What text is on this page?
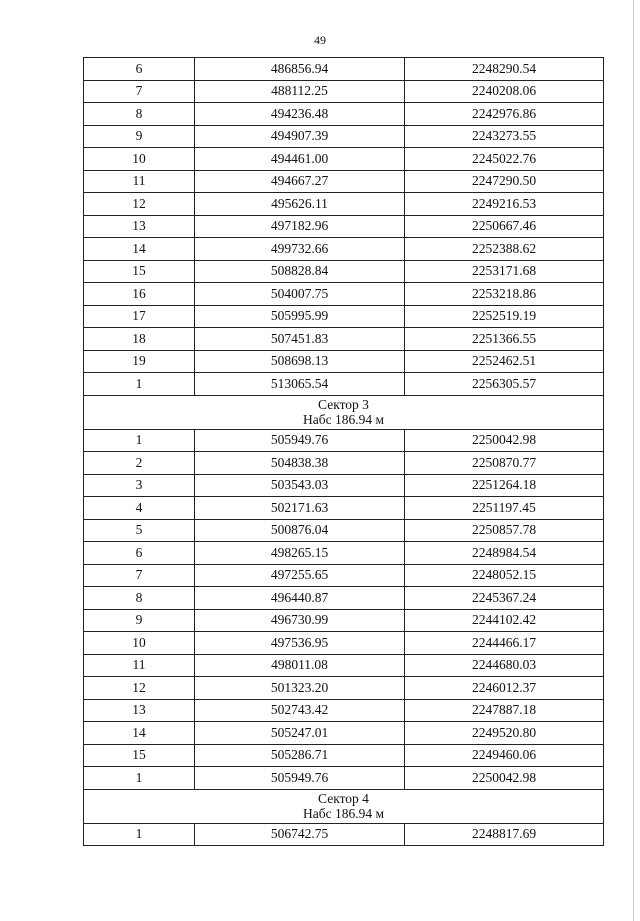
49
6	486856.94	2248290.54
7	488112.25	2240208.06
8	494236.48	2242976.86
9	494907.39	2243273.55
10	494461.00	2245022.76
11	494667.27	2247290.50
12	495626.11	2249216.53
13	497182.96	2250667.46
14	499732.66	2252388.62
15	508828.84	2253171.68
16	504007.75	2253218.86
17	505995.99	2252519.19
18	507451.83	2251366.55
19	508698.13	2252462.51
1	513065.54	2256305.57

Сектор 3
Набс 186.94 м		

1	505949.76	2250042.98
2	504838.38	2250870.77
3	503543.03	2251264.18
4	502171.63	2251197.45
5	500876.04	2250857.78
6	498265.15	2248984.54
7	497255.65	2248052.15
8	496440.87	2245367.24
9	496730.99	2244102.42
10	497536.95	2244466.17
11	498011.08	2244680.03
12	501323.20	2246012.37
13	502743.42	2247887.18
14	505247.01	2249520.80
15	505286.71	2249460.06
1	505949.76	2250042.98

Сектор 4
Набс 186.94 м		

1	506742.75	2248817.69
